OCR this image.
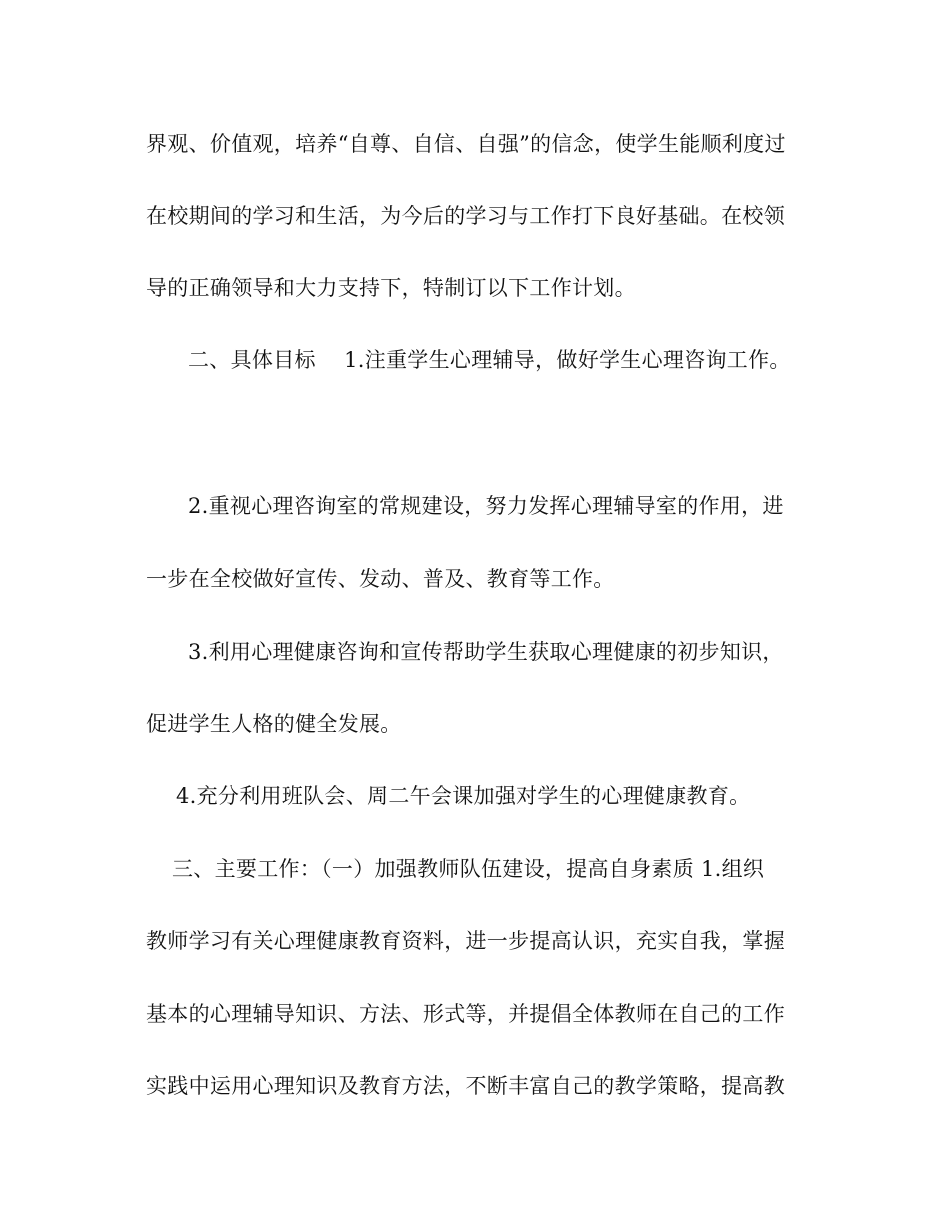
界观、价值观，培养“自尊、自信、自强”的信念，使学生能顺利度过
在校期间的学习和生活，为今后的学习与工作打下良好基础。在校领
导的正确领导和大力支持下，特制订以下工作计划。
二、具体目标　 1.注重学生心理辅导，做好学生心理咨询工作。
2.重视心理咨询室的常规建设，努力发挥心理辅导室的作用，进
一步在全校做好宣传、发动、普及、教育等工作。
3.利用心理健康咨询和宣传帮助学生获取心理健康的初步知识，
促进学生人格的健全发展。
4.充分利用班队会、周二午会课加强对学生的心理健康教育。
三、主要工作：（一）加强教师队伍建设，提高自身素质 1.组织
教师学习有关心理健康教育资料，进一步提高认识，充实自我，掌握
基本的心理辅导知识、方法、形式等，并提倡全体教师在自己的工作
实践中运用心理知识及教育方法，不断丰富自己的教学策略，提高教
